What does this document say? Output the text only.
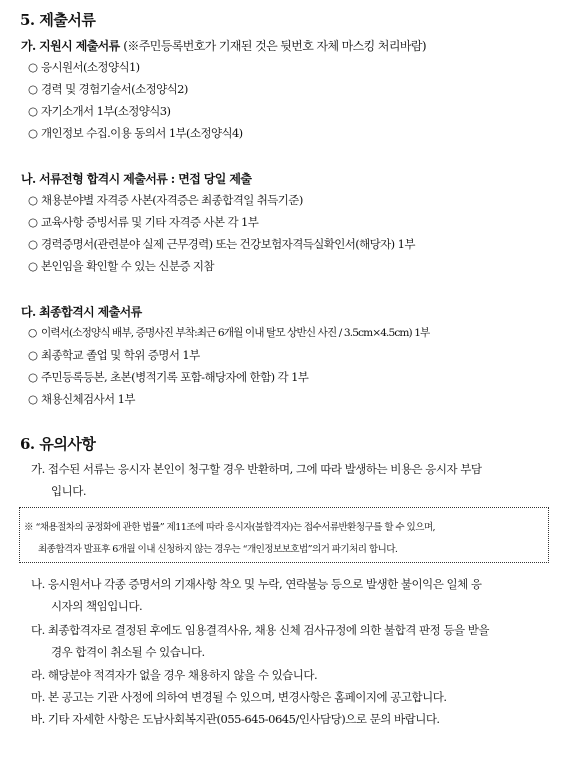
5. 제출서류
가. 지원시 제출서류 (※주민등록번호가 기재된 것은 뒷번호 자체 마스킹 처리바람)
○ 응시원서(소정양식1)
○ 경력 및 경험기술서(소정양식2)
○ 자기소개서 1부(소정양식3)
○ 개인정보 수집.이용 동의서 1부(소정양식4)
나. 서류전형 합격시 제출서류 : 면접 당일 제출
○ 채용분야별 자격증 사본(자격증은 최종합격일 취득기준)
○ 교육사항 증빙서류 및 기타 자격증 사본 각 1부
○ 경력증명서(관련분야 실제 근무경력) 또는 건강보험자격득실확인서(해당자) 1부
○ 본인임을 확인할 수 있는 신분증 지참
다. 최종합격시 제출서류
○ 이력서(소정양식 배부, 증명사진 부착:최근 6개월 이내 탈모 상반신 사진 / 3.5cm×4.5cm) 1부
○ 최종학교 졸업 및 학위 증명서 1부
○ 주민등록등본, 초본(병적기록 포함-해당자에 한함) 각 1부
○ 채용신체검사서 1부
6. 유의사항
가. 접수된 서류는 응시자 본인이 청구할 경우 반환하며, 그에 따라 발생하는 비용은 응시자 부담
입니다.
※ “채용절차의 공정화에 관한 법률” 제11조에 따라 응시자(불합격자)는 접수서류반환청구를 할 수 있으며,
최종합격자 발표후 6개월 이내 신청하지 않는 경우는 “개인정보보호법”의거 파기처리 합니다.
나. 응시원서나 각종 증명서의 기재사항 착오 및 누락, 연락불능 등으로 발생한 불이익은 일체 응
시자의 책임입니다.
다. 최종합격자로 결정된 후에도 임용결격사유, 채용 신체 검사규정에 의한 불합격 판정 등을 받을
경우 합격이 취소될 수 있습니다.
라. 해당분야 적격자가 없을 경우 채용하지 않을 수 있습니다.
마. 본 공고는 기관 사정에 의하여 변경될 수 있으며, 변경사항은 홈페이지에 공고합니다.
바. 기타 자세한 사항은 도남사회복지관(055-645-0645/인사담당)으로 문의 바랍니다.
